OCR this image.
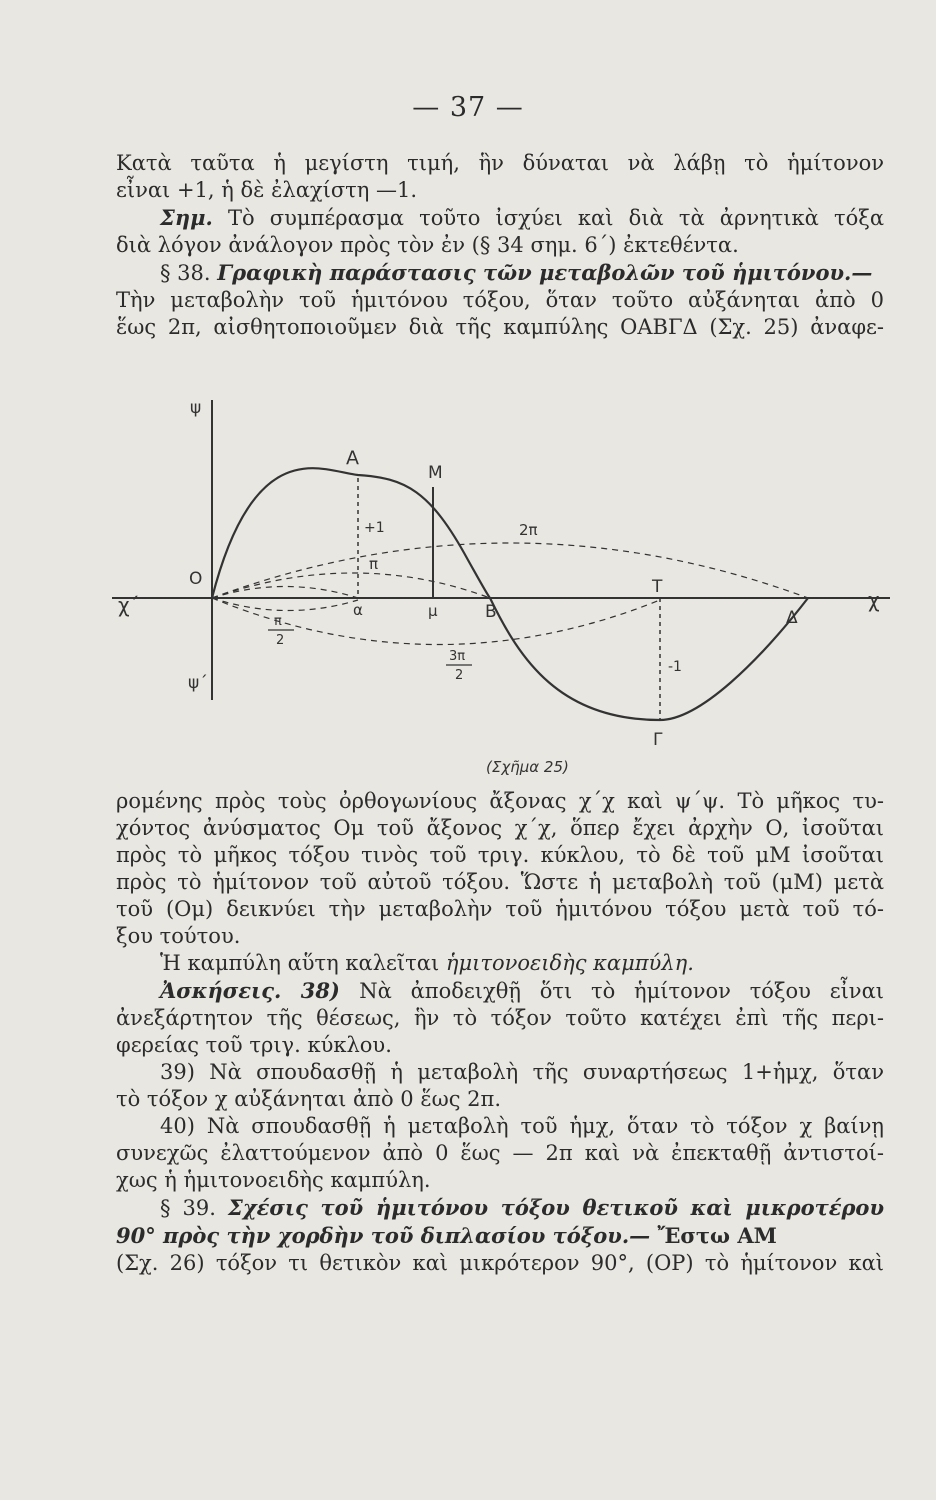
— 37 —
Κατὰ ταῦτα ἡ μεγίστη τιμή, ἣν δύναται νὰ λάβῃ τὸ ἡμίτονον
εἶναι +1, ἡ δὲ ἐλαχίστη —1.
Σημ. Τὸ συμπέρασμα τοῦτο ἰσχύει καὶ διὰ τὰ ἀρνητικὰ τόξα
διὰ λόγον ἀνάλογον πρὸς τὸν ἐν (§ 34 σημ. 6΄) ἐκτεθέντα.
§ 38. Γραφικὴ παράστασις τῶν μεταβολῶν τοῦ ἡμιτόνου.—
Τὴν μεταβολὴν τοῦ ἡμιτόνου τόξου, ὅταν τοῦτο αὐξάνηται ἀπὸ 0
ἕως 2π, αἰσθητοποιοῦμεν διὰ τῆς καμπύλης ΟΑΒΓΔ (Σχ. 25) ἀναφε-
ψ
ψ΄
χ΄	χ
Ο
Α
Μ
+1
π
2π
α	μ	Β
Τ
Δ
-1
Γ
π
2
3π
2
(Σχῆμα 25)
ρομένης πρὸς τοὺς ὀρθογωνίους ἄξονας χ΄χ καὶ ψ΄ψ. Τὸ μῆκος τυ-
χόντος ἀνύσματος Ομ τοῦ ἄξονος χ΄χ, ὅπερ ἔχει ἀρχὴν Ο, ἰσοῦται
πρὸς τὸ μῆκος τόξου τινὸς τοῦ τριγ. κύκλου, τὸ δὲ τοῦ μΜ ἰσοῦται
πρὸς τὸ ἡμίτονον τοῦ αὐτοῦ τόξου. Ὥστε ἡ μεταβολὴ τοῦ (μΜ) μετὰ
τοῦ (Ομ) δεικνύει τὴν μεταβολὴν τοῦ ἡμιτόνου τόξου μετὰ τοῦ τό-
ξου τούτου.
Ἡ καμπύλη αὕτη καλεῖται ἡμιτονοειδὴς καμπύλη.
Ἀσκήσεις. 38) Νὰ ἀποδειχθῇ ὅτι τὸ ἡμίτονον τόξου εἶναι
ἀνεξάρτητον τῆς θέσεως, ἣν τὸ τόξον τοῦτο κατέχει ἐπὶ τῆς περι-
φερείας τοῦ τριγ. κύκλου.
39) Νὰ σπουδασθῇ ἡ μεταβολὴ τῆς συναρτήσεως 1+ἡμχ, ὅταν
τὸ τόξον χ αὐξάνηται ἀπὸ 0 ἕως 2π.
40) Νὰ σπουδασθῇ ἡ μεταβολὴ τοῦ ἡμχ, ὅταν τὸ τόξον χ βαίνῃ
συνεχῶς ἐλαττούμενον ἀπὸ 0 ἕως — 2π καὶ νὰ ἐπεκταθῇ ἀντιστοί-
χως ἡ ἡμιτονοειδὴς καμπύλη.
§ 39. Σχέσις τοῦ ἡμιτόνου τόξου θετικοῦ καὶ μικροτέρου
90° πρὸς τὴν χορδὴν τοῦ διπλασίου τόξου.— Ἔστω ΑΜ
(Σχ. 26) τόξον τι θετικὸν καὶ μικρότερον 90°, (ΟΡ) τὸ ἡμίτονον καὶ
